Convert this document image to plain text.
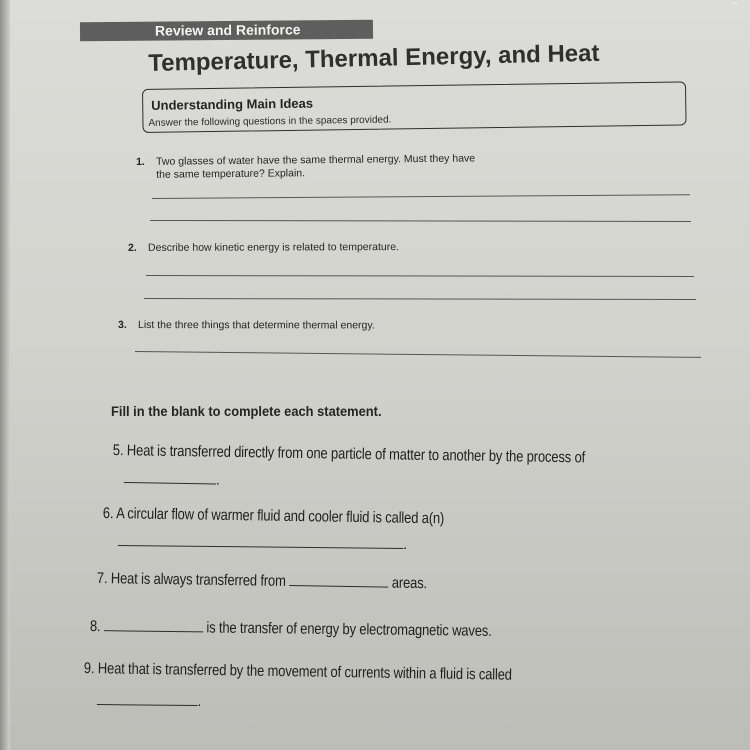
⌃
Review and Reinforce
Temperature, Thermal Energy, and Heat
Understanding Main Ideas
Answer the following questions in the spaces provided.
1. Two glasses of water have the same thermal energy. Must they have
the same temperature? Explain.
2. Describe how kinetic energy is related to temperature.
3. List the three things that determine thermal energy.
Fill in the blank to complete each statement.
5. Heat is transferred directly from one particle of matter to another by the process of
.
6. A circular flow of warmer fluid and cooler fluid is called a(n)
.
7. Heat is always transferred from	areas.
8.	is the transfer of energy by electromagnetic waves.
9. Heat that is transferred by the movement of currents within a fluid is called
.
